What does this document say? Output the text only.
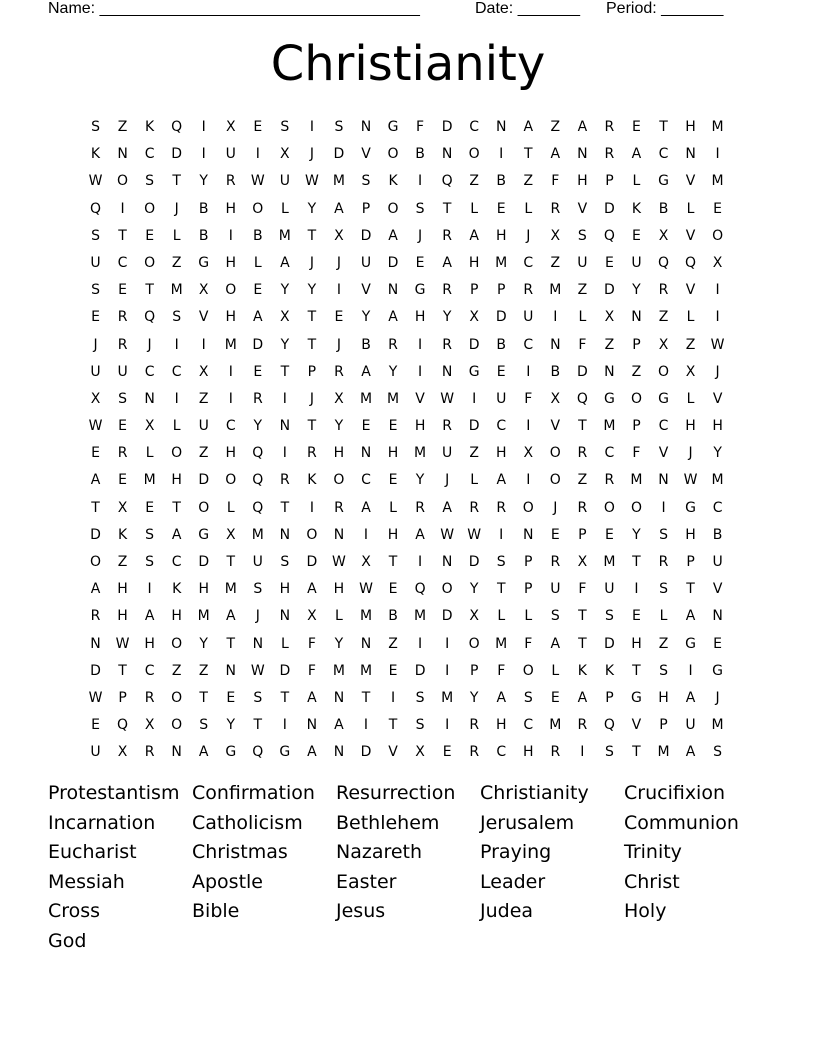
Name: ____________________________________	Date: _______ Period: _______
Christianity
S	Z	K	Q	I	X	E	S	I	S	N	G	F	D	C	N	A	Z	A	R	E	T	H	M
K	N	C	D	I	U	I	X	J	D	V	O	B	N	O	I	T	A	N	R	A	C	N	I
W	O	S	T	Y	R	W	U	W	M	S	K	I	Q	Z	B	Z	F	H	P	L	G	V	M
Q	I	O	J	B	H	O	L	Y	A	P	O	S	T	L	E	L	R	V	D	K	B	L	E
S	T	E	L	B	I	B	M	T	X	D	A	J	R	A	H	J	X	S	Q	E	X	V	O
U	C	O	Z	G	H	L	A	J	J	U	D	E	A	H	M	C	Z	U	E	U	Q	Q	X
S	E	T	M	X	O	E	Y	Y	I	V	N	G	R	P	P	R	M	Z	D	Y	R	V	I
E	R	Q	S	V	H	A	X	T	E	Y	A	H	Y	X	D	U	I	L	X	N	Z	L	I
J	R	J	I	I	M	D	Y	T	J	B	R	I	R	D	B	C	N	F	Z	P	X	Z	W
U	U	C	C	X	I	E	T	P	R	A	Y	I	N	G	E	I	B	D	N	Z	O	X	J
X	S	N	I	Z	I	R	I	J	X	M	M	V	W	I	U	F	X	Q	G	O	G	L	V
W	E	X	L	U	C	Y	N	T	Y	E	E	H	R	D	C	I	V	T	M	P	C	H	H
E	R	L	O	Z	H	Q	I	R	H	N	H	M	U	Z	H	X	O	R	C	F	V	J	Y
A	E	M	H	D	O	Q	R	K	O	C	E	Y	J	L	A	I	O	Z	R	M	N	W	M
T	X	E	T	O	L	Q	T	I	R	A	L	R	A	R	R	O	J	R	O	O	I	G	C
D	K	S	A	G	X	M	N	O	N	I	H	A	W W	I	N	E	P	E	Y	S	H	B
O	Z	S	C	D	T	U	S	D	W	X	T	I	N	D	S	P	R	X	M	T	R	P	U
A	H	I	K	H	M	S	H	A	H	W	E	Q	O	Y	T	P	U	F	U	I	S	T	V
R	H	A	H	M	A	J	N	X	L	M	B	M	D	X	L	L	S	T	S	E	L	A	N
N	W	H	O	Y	T	N	L	F	Y	N	Z	I	I	O	M	F	A	T	D	H	Z	G	E
D	T	C	Z	Z	N	W	D	F	M	M	E	D	I	P	F	O	L	K	K	T	S	I	G
W	P	R	O	T	E	S	T	A	N	T	I	S	M	Y	A	S	E	A	P	G	H	A	J
E	Q	X	O	S	Y	T	I	N	A	I	T	S	I	R	H	C	M	R	Q	V	P	U	M
U	X	R	N	A	G	Q	G	A	N	D	V	X	E	R	C	H	R	I	S	T	M	A	S
Protestantism Confirmation	Resurrection	Christianity	Crucifixion
Incarnation	Catholicism	Bethlehem	Jerusalem	Communion
Eucharist	Christmas	Nazareth	Praying	Trinity
Messiah	Apostle	Easter	Leader	Christ
Cross	Bible	Jesus	Judea	Holy
God
